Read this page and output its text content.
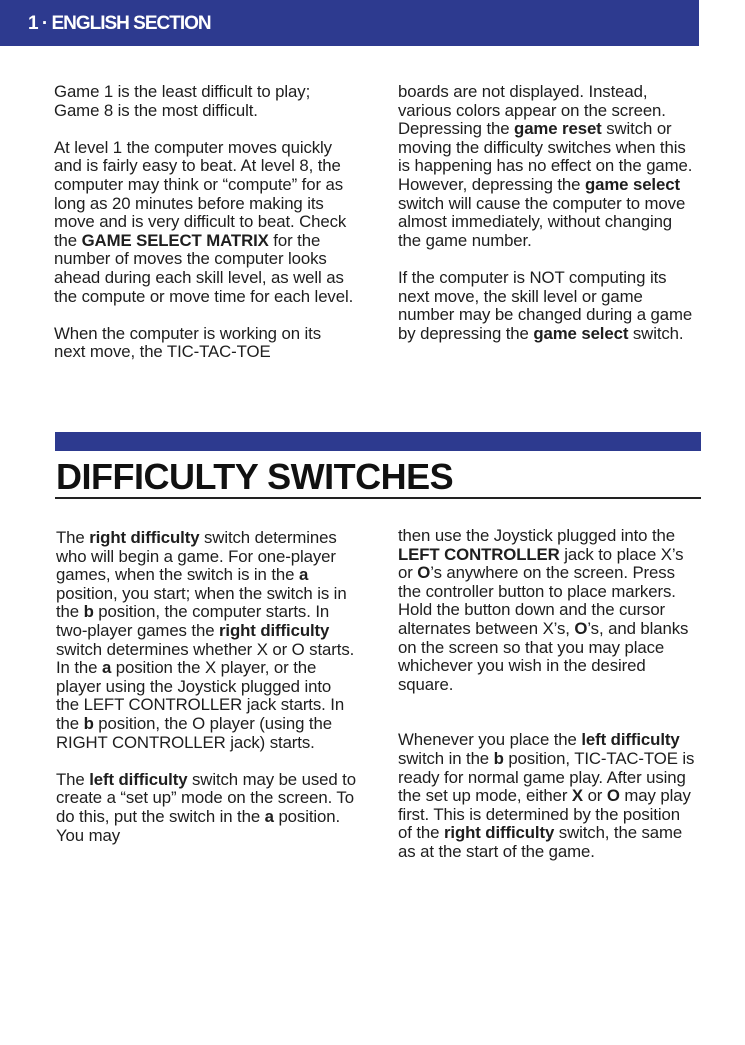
1 · ENGLISH SECTION

Game 1 is the least difficult to play; Game 8 is the most difficult.

At level 1 the computer moves quickly and is fairly easy to beat. At level 8, the computer may think or “compute” for as long as 20 minutes before making its move and is very difficult to beat. Check the GAME SELECT MATRIX for the number of moves the computer looks ahead during each skill level, as well as the compute or move time for each level.

When the computer is working on its next move, the TIC-TAC-TOE

boards are not displayed. Instead, various colors appear on the screen. Depressing the game reset switch or moving the difficulty switches when this is happening has no effect on the game. However, depressing the game select switch will cause the computer to move almost immediately, without changing the game number.

If the computer is NOT computing its next move, the skill level or game number may be changed during a game by depressing the game select switch.

DIFFICULTY SWITCHES

The right difficulty switch determines who will begin a game. For one-player games, when the switch is in the a position, you start; when the switch is in the b position, the computer starts. In two-player games the right difficulty switch determines whether X or O starts. In the a position the X player, or the player using the Joystick plugged into the LEFT CONTROLLER jack starts. In the b position, the O player (using the RIGHT CONTROLLER jack) starts.

The left difficulty switch may be used to create a “set up” mode on the screen. To do this, put the switch in the a position. You may

then use the Joystick plugged into the LEFT CONTROLLER jack to place X’s or O’s anywhere on the screen. Press the controller button to place markers. Hold the button down and the cursor alternates between X’s, O’s, and blanks on the screen so that you may place whichever you wish in the desired square.

Whenever you place the left difficulty switch in the b position, TIC-TAC-TOE is ready for normal game play. After using the set up mode, either X or O may play first. This is determined by the position of the right difficulty switch, the same as at the start of the game.
